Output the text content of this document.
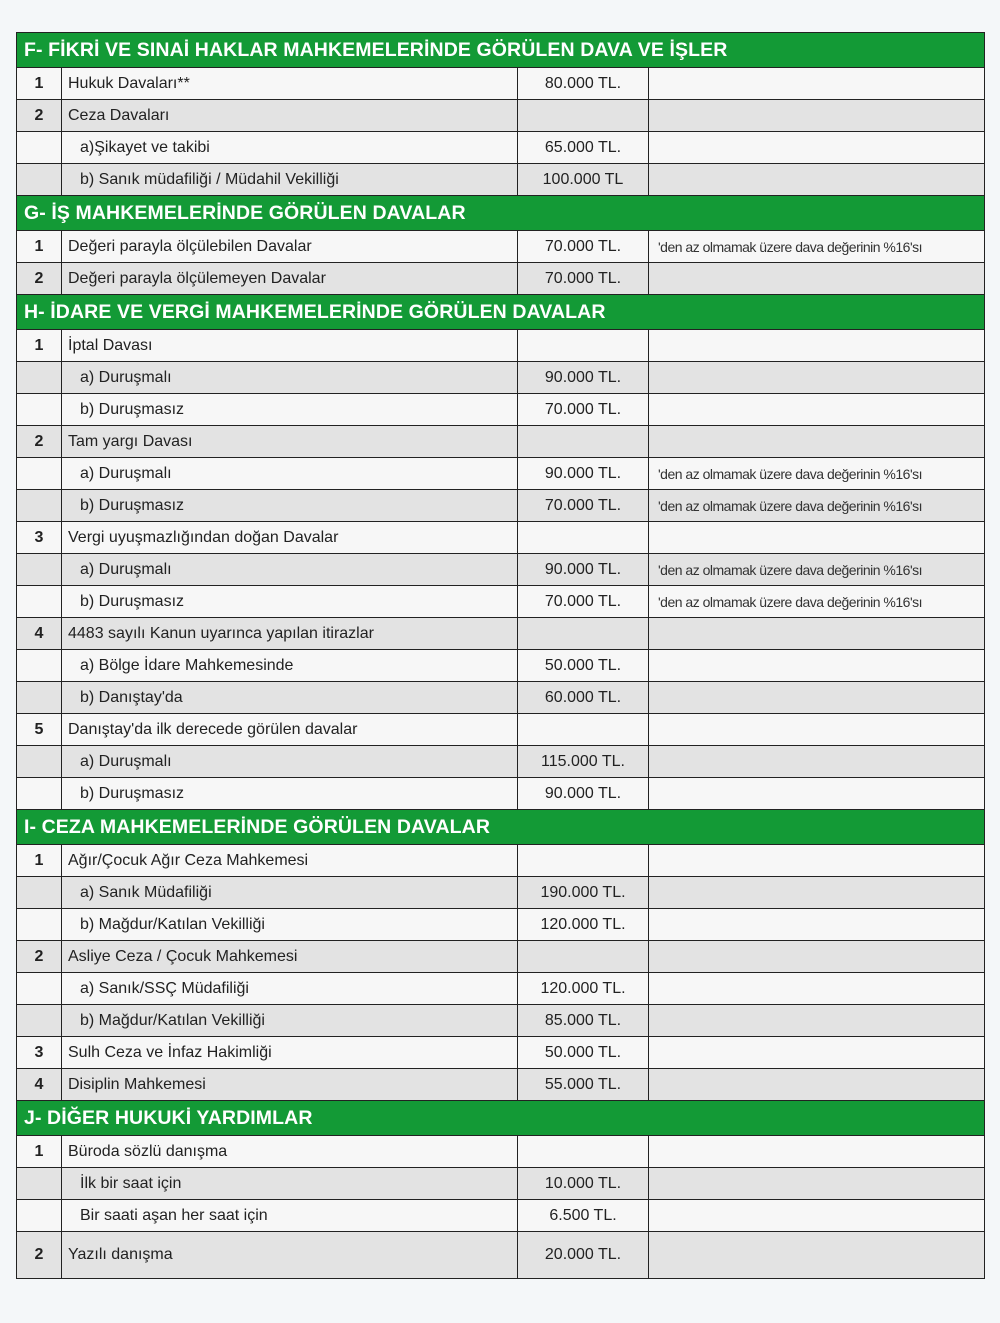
F- FİKRİ VE SINAİ HAKLAR MAHKEMELERİNDE GÖRÜLEN DAVA VE İŞLER			
1	Hukuk Davaları**	80.000 TL.	
2	Ceza Davaları		
	a)Şikayet ve takibi	65.000 TL.	
	b) Sanık müdafiliği / Müdahil Vekilliği	100.000 TL	
G- İŞ MAHKEMELERİNDE GÖRÜLEN DAVALAR			
1	Değeri parayla ölçülebilen Davalar	70.000 TL.	'den az olmamak üzere dava değerinin %16'sı
2	Değeri parayla ölçülemeyen Davalar	70.000 TL.	
H- İDARE VE VERGİ MAHKEMELERİNDE GÖRÜLEN DAVALAR			
1	İptal Davası		
	a) Duruşmalı	90.000 TL.	
	b) Duruşmasız	70.000 TL.	
2	Tam yargı Davası		
	a) Duruşmalı	90.000 TL.	'den az olmamak üzere dava değerinin %16'sı
	b) Duruşmasız	70.000 TL.	'den az olmamak üzere dava değerinin %16'sı
3	Vergi uyuşmazlığından doğan Davalar		
	a) Duruşmalı	90.000 TL.	'den az olmamak üzere dava değerinin %16'sı
	b) Duruşmasız	70.000 TL.	'den az olmamak üzere dava değerinin %16'sı
4	4483 sayılı Kanun uyarınca yapılan itirazlar		
	a) Bölge İdare Mahkemesinde	50.000 TL.	
	b) Danıştay'da	60.000 TL.	
5	Danıştay'da ilk derecede görülen davalar		
	a) Duruşmalı	115.000 TL.	
	b) Duruşmasız	90.000 TL.	
I- CEZA MAHKEMELERİNDE GÖRÜLEN DAVALAR			
1	Ağır/Çocuk Ağır Ceza Mahkemesi		
	a) Sanık Müdafiliği	190.000 TL.	
	b) Mağdur/Katılan Vekilliği	120.000 TL.	
2	Asliye Ceza / Çocuk Mahkemesi		
	a) Sanık/SSÇ Müdafiliği	120.000 TL.	
	b) Mağdur/Katılan Vekilliği	85.000 TL.	
3	Sulh Ceza ve İnfaz Hakimliği	50.000 TL.	
4	Disiplin Mahkemesi	55.000 TL.	
J- DİĞER HUKUKİ YARDIMLAR			
1	Büroda sözlü danışma		
	İlk bir saat için	10.000 TL.	
	Bir saati aşan her saat için	6.500 TL.	
2	Yazılı danışma	20.000 TL.	
